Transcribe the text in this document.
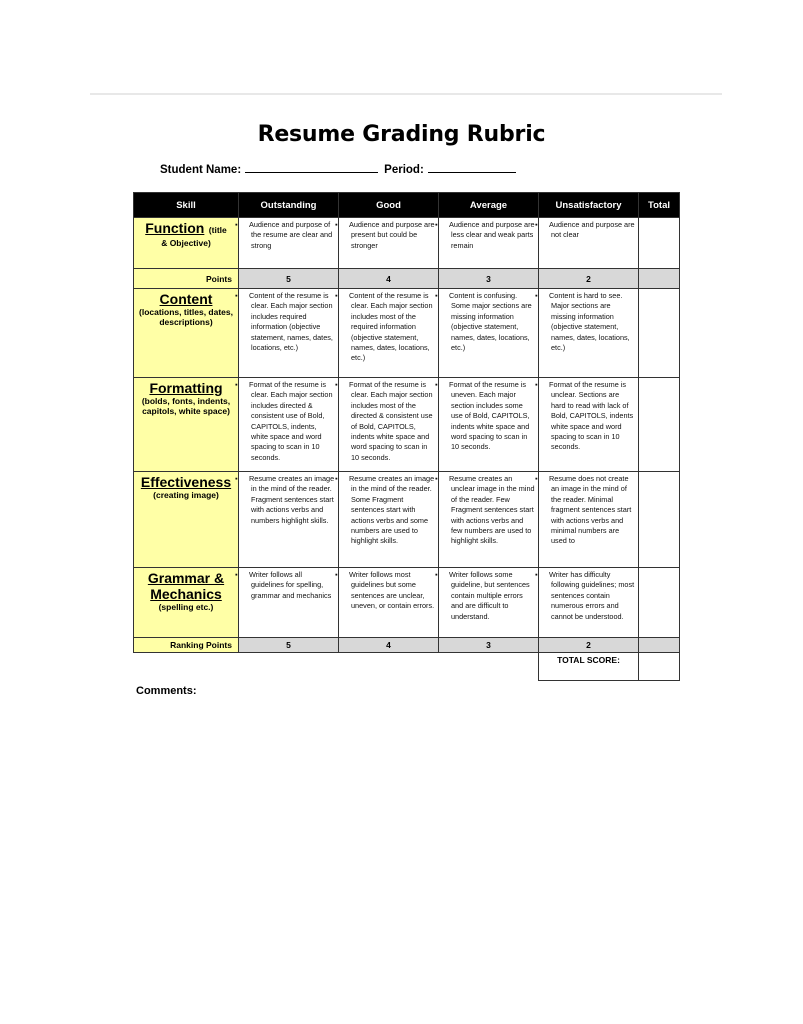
Resume Grading Rubric
Student Name:	Period:
Skill	Outstanding	Good	Average	Unsatisfactory	Total

Function (title
& Objective)	▪ Audience and purpose of the resume are clear and strong	▪ Audience and purpose are present but could be stronger	▪ Audience and purpose are less clear and weak parts remain	▪ Audience and purpose are not clear	

Points	5	4	3	2	

Content
(locations, titles, dates, descriptions)	▪ Content of the resume is clear. Each major section includes required information (objective statement, names, dates, locations, etc.)	▪ Content of the resume is clear. Each major section includes most of the required information (objective statement, names, dates, locations, etc.)	▪ Content is confusing. Some major sections are missing information (objective statement, names, dates, locations, etc.)	▪ Content is hard to see. Major sections are missing information (objective statement, names, dates, locations, etc.)	

Formatting
(bolds, fonts, indents, capitols, white space)	▪ Format of the resume is clear. Each major section includes directed & consistent use of Bold, CAPITOLS, indents, white space and word spacing to scan in 10 seconds.	▪ Format of the resume is clear. Each major section includes most of the directed & consistent use of Bold, CAPITOLS, indents white space and word spacing to scan in 10 seconds.	▪ Format of the resume is uneven. Each major section includes some use of Bold, CAPITOLS, indents white space and word spacing to scan in 10 seconds.	▪ Format of the resume is unclear. Sections are hard to read with lack of Bold, CAPITOLS, indents white space and word spacing to scan in 10 seconds.	

Effectiveness
(creating image)	▪ Resume creates an image in the mind of the reader. Fragment sentences start with actions verbs and numbers highlight skills.	▪ Resume creates an image in the mind of the reader. Some Fragment sentences start with actions verbs and some numbers are used to highlight skills.	▪ Resume creates an unclear image in the mind of the reader. Few Fragment sentences start with actions verbs and few numbers are used to highlight skills.	▪ Resume does not create an image in the mind of the reader. Minimal fragment sentences start with actions verbs and minimal numbers are used to	

Grammar & Mechanics
(spelling etc.)	▪ Writer follows all guidelines for spelling, grammar and mechanics	▪ Writer follows most guidelines but some sentences are unclear, uneven, or contain errors.	▪ Writer follows some guideline, but sentences contain multiple errors and are difficult to understand.	▪ Writer has difficulty following guidelines; most sentences contain numerous errors and cannot be understood.	

Ranking Points	5	4	3	2	
				TOTAL SCORE:	
Comments:
